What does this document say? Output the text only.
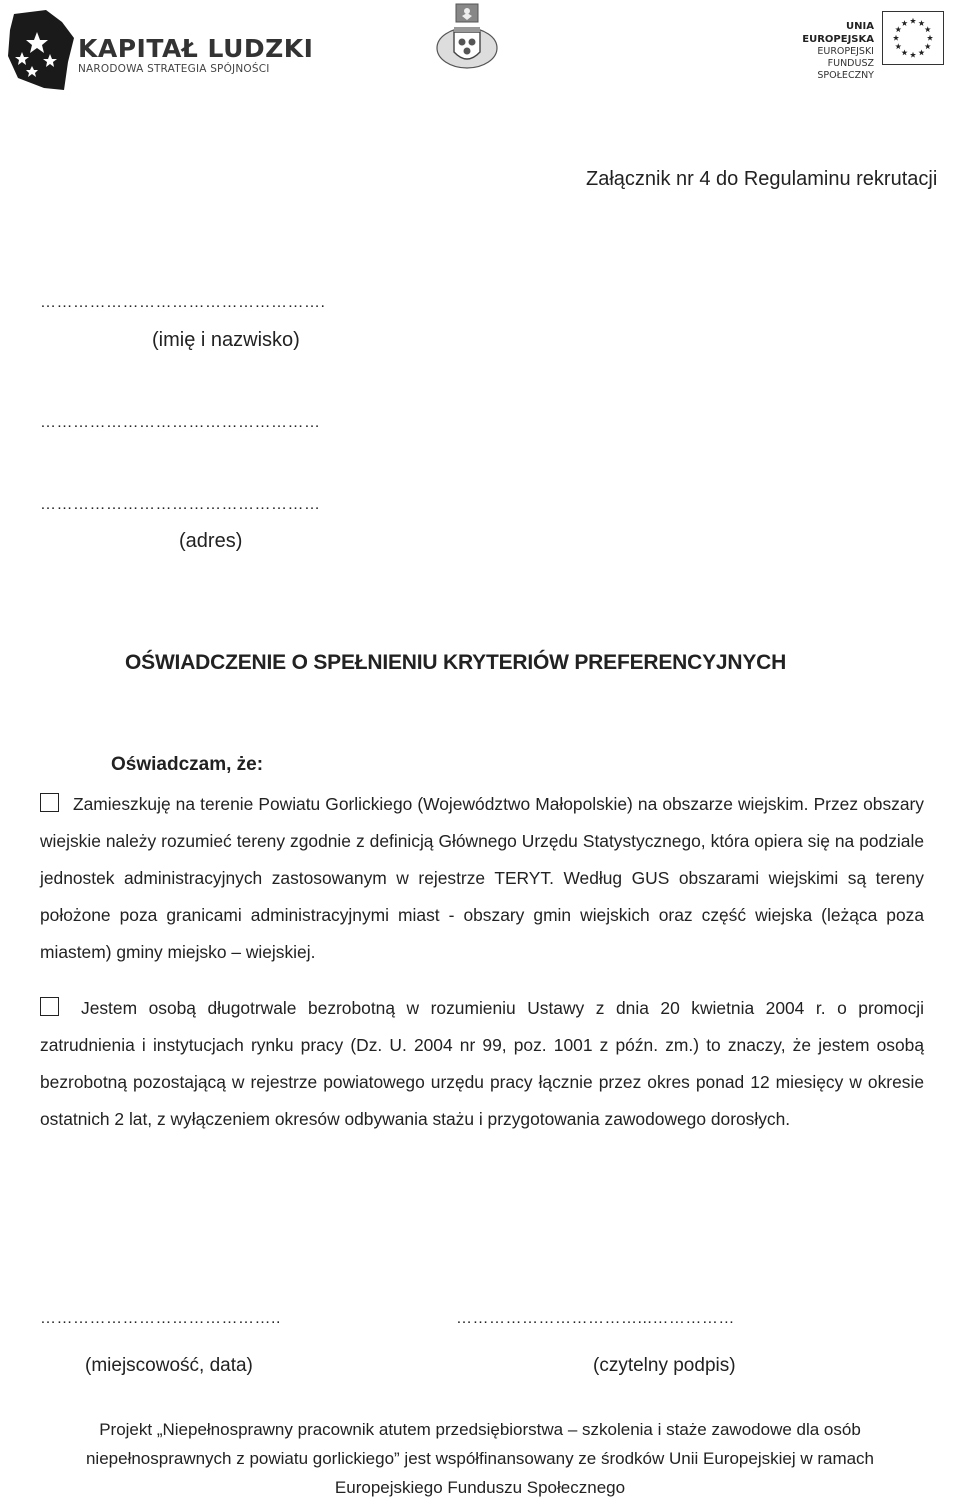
KAPITAŁ LUDZKI
NARODOWA STRATEGIA SPÓJNOŚCI
UNIA EUROPEJSKA
EUROPEJSKI
FUNDUSZ SPOŁECZNY
Załącznik nr 4 do Regulaminu rekrutacji
…………………………………………….
(imię i nazwisko)
……………………………………………
……………………………………………
(adres)
OŚWIADCZENIE O SPEŁNIENIU KRYTERIÓW PREFERENCYJNYCH
Oświadczam, że:
Zamieszkuję na terenie Powiatu Gorlickiego (Województwo Małopolskie) na obszarze wiejskim. Przez obszary wiejskie należy rozumieć tereny zgodnie z definicją Głównego Urzędu Statystycznego, która opiera się na podziale jednostek administracyjnych zastosowanym w rejestrze TERYT. Według GUS obszarami wiejskimi są tereny położone poza granicami administracyjnymi miast - obszary gmin wiejskich oraz część wiejska (leżąca poza miastem) gminy miejsko – wiejskiej.
Jestem osobą długotrwale bezrobotną w rozumieniu Ustawy z dnia 20 kwietnia 2004 r. o promocji zatrudnienia i instytucjach rynku pracy (Dz. U. 2004 nr 99, poz. 1001 z późn. zm.) to znaczy, że jestem osobą bezrobotną pozostającą w rejestrze powiatowego urzędu pracy łącznie przez okres ponad 12 miesięcy w okresie ostatnich 2 lat, z wyłączeniem okresów odbywania stażu i przygotowania zawodowego dorosłych.
……………………………………..
(miejscowość, data)
……………………………...……………
(czytelny podpis)
Projekt „Niepełnosprawny pracownik atutem przedsiębiorstwa – szkolenia i staże zawodowe dla osób
niepełnosprawnych z powiatu gorlickiego” jest współfinansowany ze środków Unii Europejskiej w ramach
Europejskiego Funduszu Społecznego
